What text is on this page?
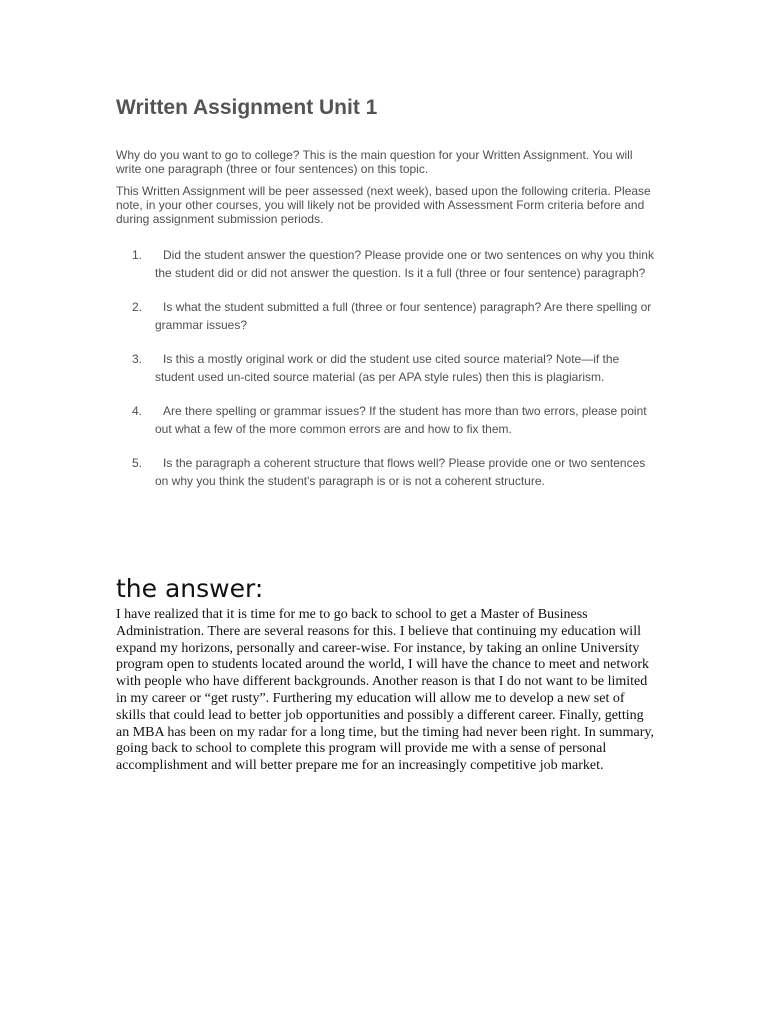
Written Assignment Unit 1

Why do you want to go to college? This is the main question for your Written Assignment. You will write one paragraph (three or four sentences) on this topic.

This Written Assignment will be peer assessed (next week), based upon the following criteria. Please note, in your other courses, you will likely not be provided with Assessment Form criteria before and during assignment submission periods.

1.	Did the student answer the question? Please provide one or two sentences on why you think the student did or did not answer the question. Is it a full (three or four sentence) paragraph?
2.	Is what the student submitted a full (three or four sentence) paragraph? Are there spelling or grammar issues?
3.	Is this a mostly original work or did the student use cited source material? Note—if the student used un-cited source material (as per APA style rules) then this is plagiarism.
4.	Are there spelling or grammar issues? If the student has more than two errors, please point out what a few of the more common errors are and how to fix them.
5.	Is the paragraph a coherent structure that flows well? Please provide one or two sentences on why you think the student's paragraph is or is not a coherent structure.
the answer:

I have realized that it is time for me to go back to school to get a Master of Business Administration. There are several reasons for this. I believe that continuing my education will expand my horizons, personally and career-wise. For instance, by taking an online University program open to students located around the world, I will have the chance to meet and network with people who have different backgrounds. Another reason is that I do not want to be limited in my career or “get rusty”. Furthering my education will allow me to develop a new set of skills that could lead to better job opportunities and possibly a different career. Finally, getting an MBA has been on my radar for a long time, but the timing had never been right. In summary, going back to school to complete this program will provide me with a sense of personal accomplishment and will better prepare me for an increasingly competitive job market.
